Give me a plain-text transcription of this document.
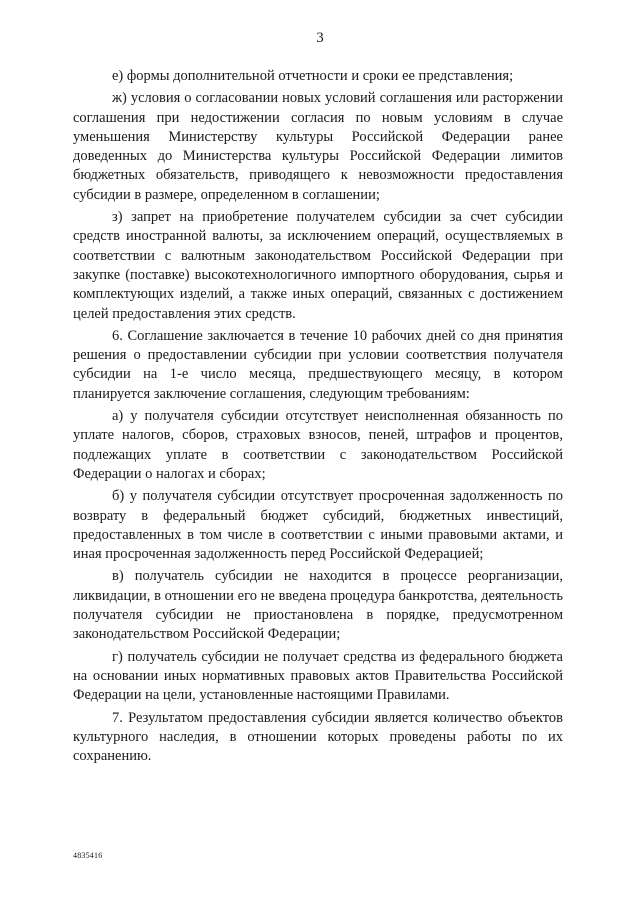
3

е) формы дополнительной отчетности и сроки ее представления;

ж) условия о согласовании новых условий соглашения или расторжении соглашения при недостижении согласия по новым условиям в случае уменьшения Министерству культуры Российской Федерации ранее доведенных до Министерства культуры Российской Федерации лимитов бюджетных обязательств, приводящего к невозможности предоставления субсидии в размере, определенном в соглашении;

з) запрет на приобретение получателем субсидии за счет субсидии средств иностранной валюты, за исключением операций, осуществляемых в соответствии с валютным законодательством Российской Федерации при закупке (поставке) высокотехнологичного импортного оборудования, сырья и комплектующих изделий, а также иных операций, связанных с достижением целей предоставления этих средств.

6. Соглашение заключается в течение 10 рабочих дней со дня принятия решения о предоставлении субсидии при условии соответствия получателя субсидии на 1-е число месяца, предшествующего месяцу, в котором планируется заключение соглашения, следующим требованиям:

а) у получателя субсидии отсутствует неисполненная обязанность по уплате налогов, сборов, страховых взносов, пеней, штрафов и процентов, подлежащих уплате в соответствии с законодательством Российской Федерации о налогах и сборах;

б) у получателя субсидии отсутствует просроченная задолженность по возврату в федеральный бюджет субсидий, бюджетных инвестиций, предоставленных в том числе в соответствии с иными правовыми актами, и иная просроченная задолженность перед Российской Федерацией;

в) получатель субсидии не находится в процессе реорганизации, ликвидации, в отношении его не введена процедура банкротства, деятельность получателя субсидии не приостановлена в порядке, предусмотренном законодательством Российской Федерации;

г) получатель субсидии не получает средства из федерального бюджета на основании иных нормативных правовых актов Правительства Российской Федерации на цели, установленные настоящими Правилами.

7. Результатом предоставления субсидии является количество объектов культурного наследия, в отношении которых проведены работы по их сохранению.

4835416
